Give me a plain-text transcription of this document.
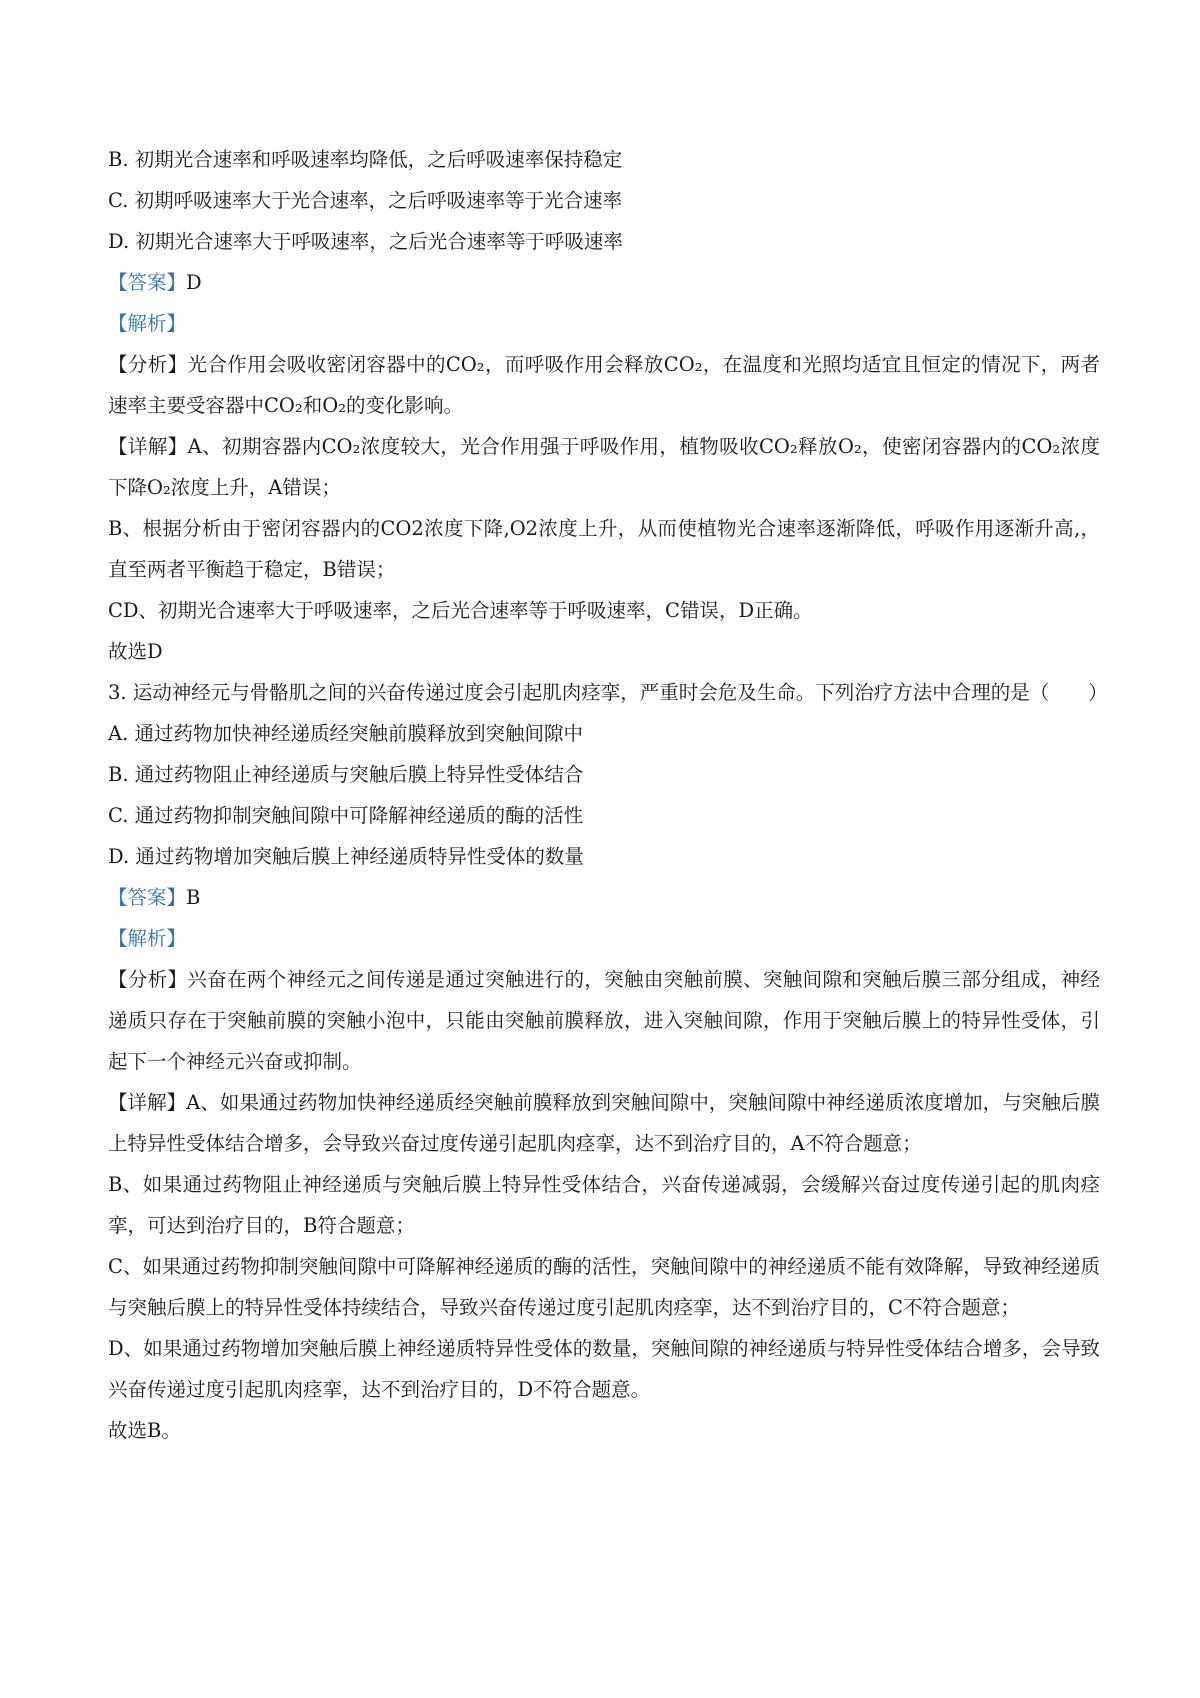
B. 初期光合速率和呼吸速率均降低，之后呼吸速率保持稳定

C. 初期呼吸速率大于光合速率，之后呼吸速率等于光合速率

D. 初期光合速率大于呼吸速率，之后光合速率等于呼吸速率

【答案】D

【解析】

【分析】光合作用会吸收密闭容器中的CO₂，而呼吸作用会释放CO₂，在温度和光照均适宜且恒定的情况下，两者速率主要受容器中CO₂和O₂的变化影响。

【详解】A、初期容器内CO₂浓度较大，光合作用强于呼吸作用，植物吸收CO₂释放O₂，使密闭容器内的CO₂浓度下降O₂浓度上升，A错误；

B、根据分析由于密闭容器内的CO2浓度下降,O2浓度上升，从而使植物光合速率逐渐降低，呼吸作用逐渐升高,，直至两者平衡趋于稳定，B错误；

CD、初期光合速率大于呼吸速率，之后光合速率等于呼吸速率，C错误，D正确。

故选D

3. 运动神经元与骨骼肌之间的兴奋传递过度会引起肌肉痉挛，严重时会危及生命。下列治疗方法中合理的是（　　）

A. 通过药物加快神经递质经突触前膜释放到突触间隙中

B. 通过药物阻止神经递质与突触后膜上特异性受体结合

C. 通过药物抑制突触间隙中可降解神经递质的酶的活性

D. 通过药物增加突触后膜上神经递质特异性受体的数量

【答案】B

【解析】

【分析】兴奋在两个神经元之间传递是通过突触进行的，突触由突触前膜、突触间隙和突触后膜三部分组成，神经递质只存在于突触前膜的突触小泡中，只能由突触前膜释放，进入突触间隙，作用于突触后膜上的特异性受体，引起下一个神经元兴奋或抑制。

【详解】A、如果通过药物加快神经递质经突触前膜释放到突触间隙中，突触间隙中神经递质浓度增加，与突触后膜上特异性受体结合增多，会导致兴奋过度传递引起肌肉痉挛，达不到治疗目的，A不符合题意；

B、如果通过药物阻止神经递质与突触后膜上特异性受体结合，兴奋传递减弱，会缓解兴奋过度传递引起的肌肉痉挛，可达到治疗目的，B符合题意；

C、如果通过药物抑制突触间隙中可降解神经递质的酶的活性，突触间隙中的神经递质不能有效降解，导致神经递质与突触后膜上的特异性受体持续结合，导致兴奋传递过度引起肌肉痉挛，达不到治疗目的，C不符合题意；

D、如果通过药物增加突触后膜上神经递质特异性受体的数量，突触间隙的神经递质与特异性受体结合增多，会导致兴奋传递过度引起肌肉痉挛，达不到治疗目的，D不符合题意。

故选B。
